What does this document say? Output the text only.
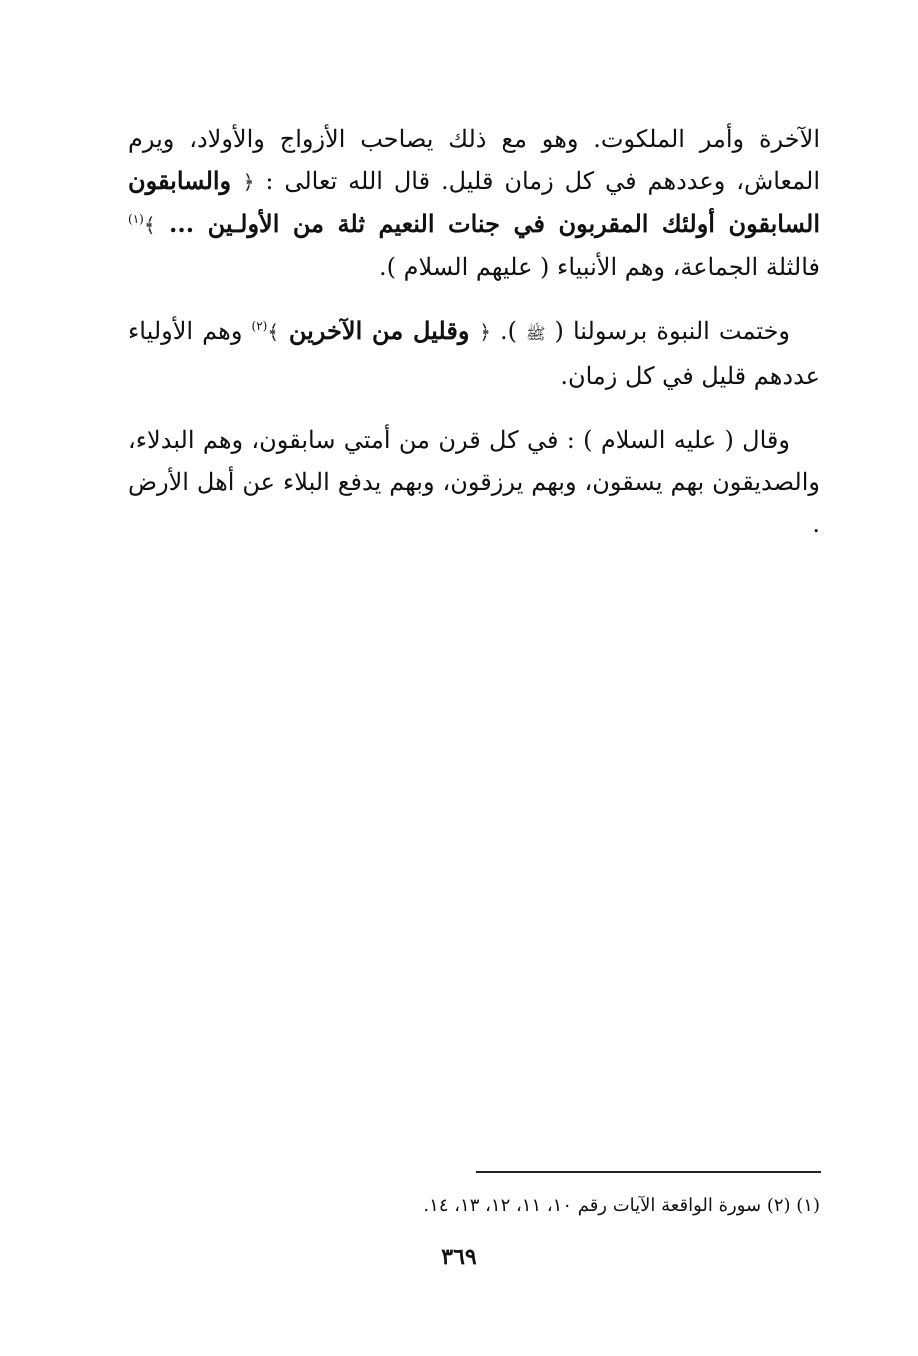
الآخرة وأمر الملكوت. وهو مع ذلك يصاحب الأزواج والأولاد، ويرم المعاش، وعددهم في كل زمان قليل. قال الله تعالى : ﴿ والسابقون السابقون أولئك المقربون في جنات النعيم ثلة من الأولـين ... ﴾$^{(١)}$ فالثلة الجماعة، وهم الأنبياء ( عليهم السلام ).

وختمت النبوة برسولنا ( ﷺ ). ﴿ وقليل من الآخرين ﴾$^{(٢)}$ وهم الأولياء عددهم قليل في كل زمان.

وقال ( عليه السلام ) : في كل قرن من أمتي سابقون، وهم البدلاء، والصديقون بهم يسقون، وبهم يرزقون، وبهم يدفع البلاء عن أهل الأرض .

(١) (٢) سورة الواقعة الآيات رقم ١٠، ١١، ١٢، ١٣، ١٤.
٣٦٩
